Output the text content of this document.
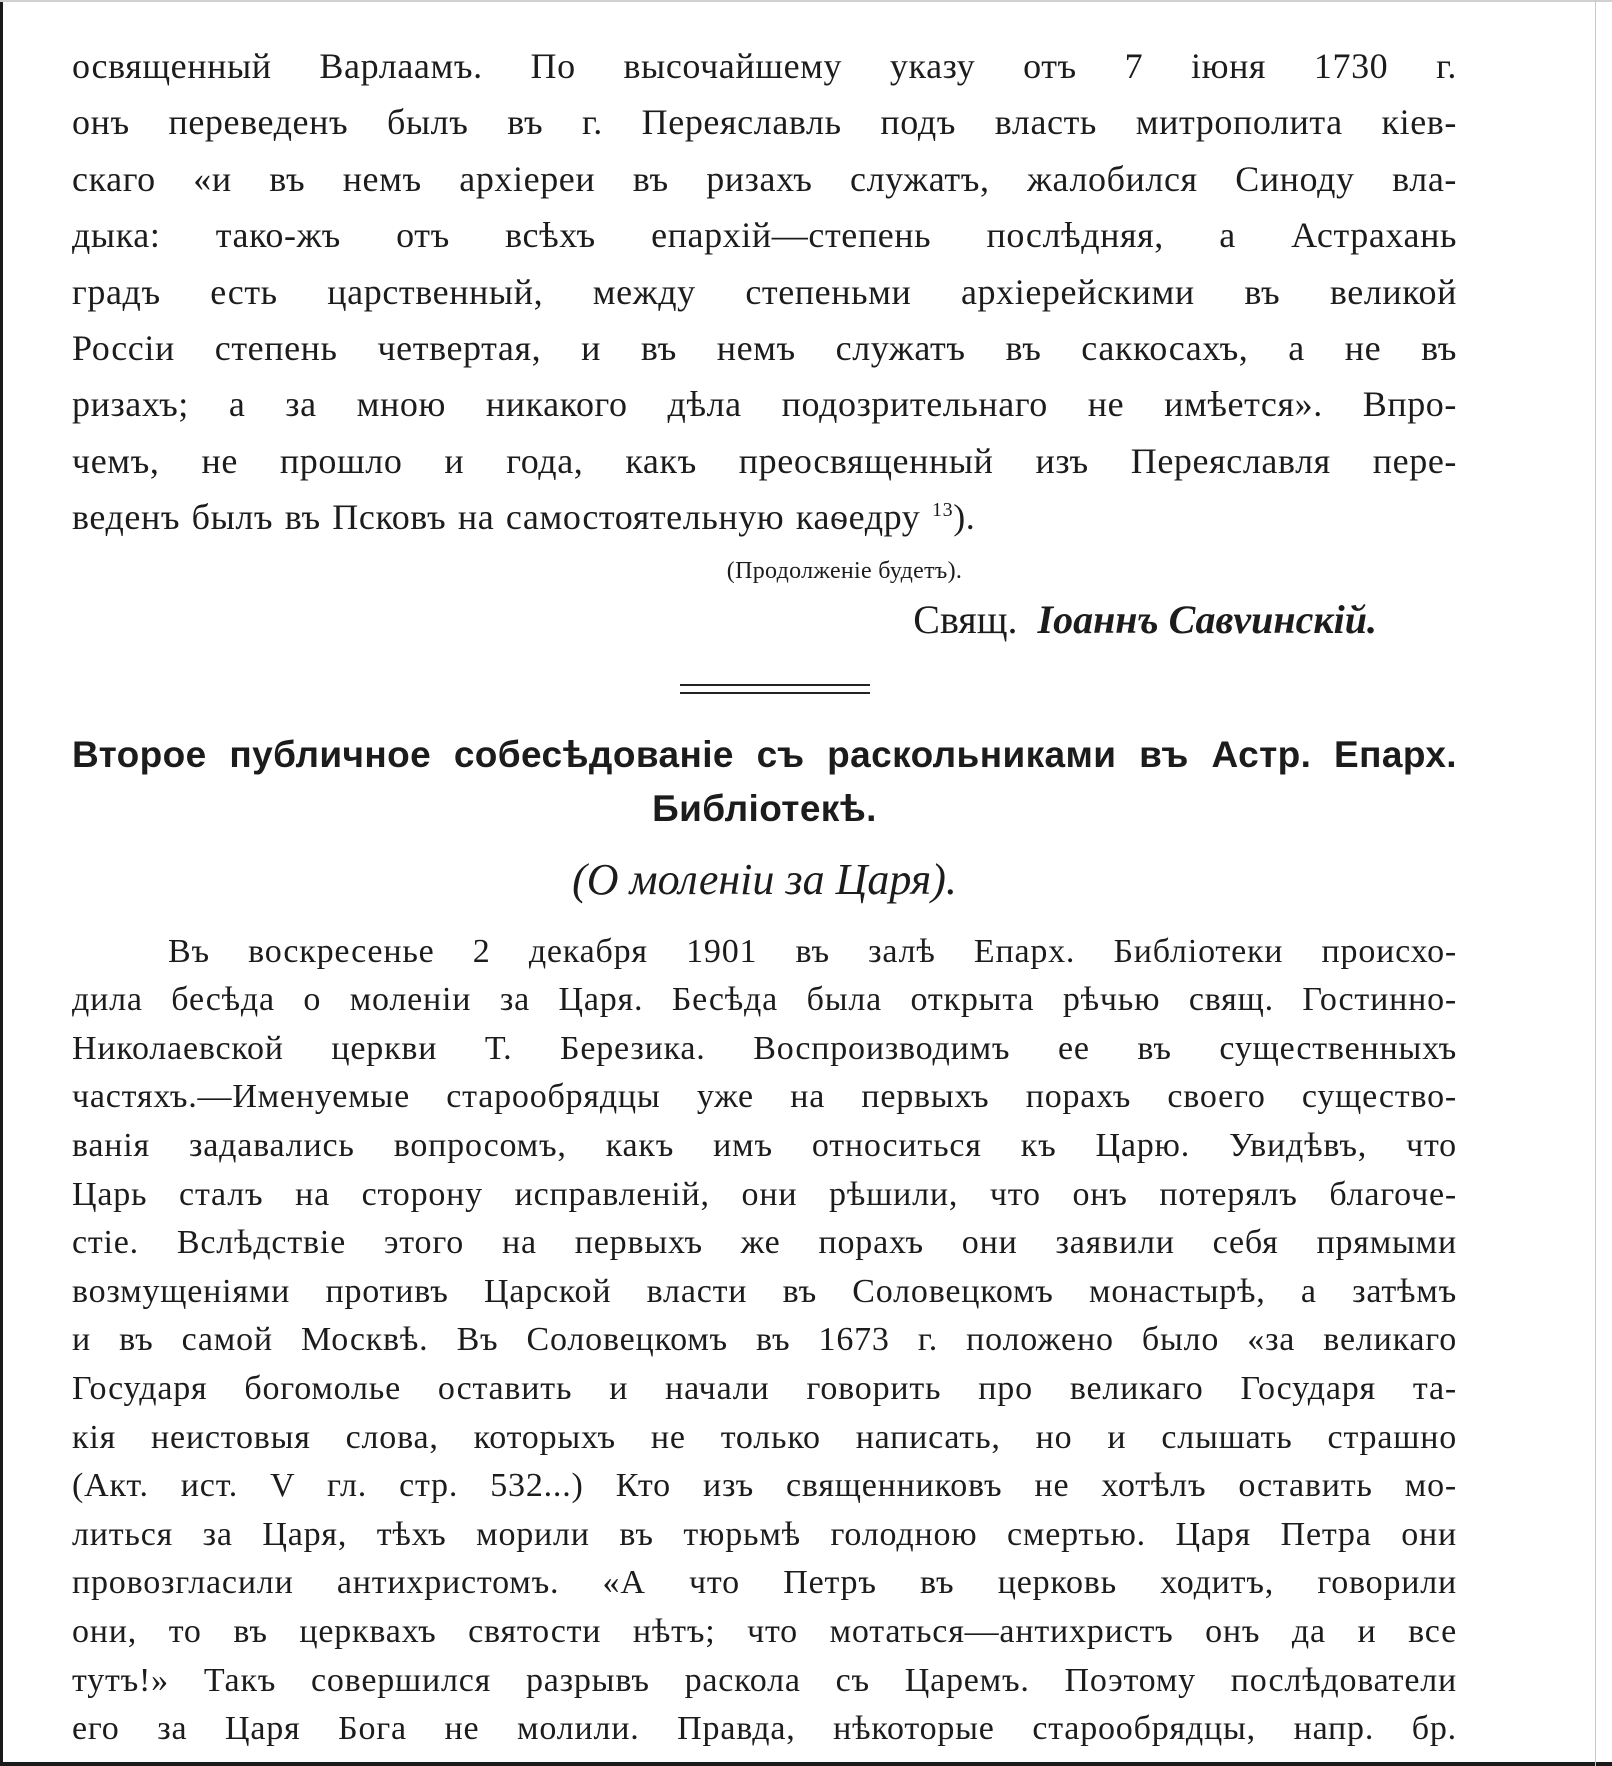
освященный Варлаамъ. По высочайшему указу отъ 7 іюня 1730 г.
онъ переведенъ былъ въ г. Переяславль подъ власть митрополита кіев-
скаго «и въ немъ архіереи въ ризахъ служатъ, жалобился Синоду вла-
дыка: тако-жъ отъ всѣхъ епархій—степень послѣдняя, а Астрахань
градъ есть царственный, между степеньми архіерейскими въ великой
Россіи степень четвертая, и въ немъ служатъ въ саккосахъ, а не въ
ризахъ; а за мною никакого дѣла подозрительнаго не имѣется». Впро-
чемъ, не прошло и года, какъ преосвященный изъ Переяславля пере-
веденъ былъ въ Псковъ на самостоятельную каѳедру $^{13}$).
(Продолженіе будетъ).
Свящ. Іоаннъ Савvинскій.
Второе публичное собесѣдованіе съ раскольниками въ Астр. Епарх.
Библіотекѣ.
(О моленіи за Царя).
Въ воскресенье 2 декабря 1901 въ залѣ Епарх. Библіотеки происхо-
дила бесѣда о моленіи за Царя. Бесѣда была открыта рѣчью свящ. Гостинно-
Николаевской церкви Т. Березика. Воспроизводимъ ее въ существенныхъ
частяхъ.—Именуемые старообрядцы уже на первыхъ порахъ своего существо-
ванія задавались вопросомъ, какъ имъ относиться къ Царю. Увидѣвъ, что
Царь сталъ на сторону исправленій, они рѣшили, что онъ потерялъ благоче-
стіе. Вслѣдствіе этого на первыхъ же порахъ они заявили себя прямыми
возмущеніями противъ Царской власти въ Соловецкомъ монастырѣ, а затѣмъ
и въ самой Москвѣ. Въ Соловецкомъ въ 1673 г. положено было «за великаго
Государя богомолье оставить и начали говорить про великаго Государя та-
кія неистовыя слова, которыхъ не только написать, но и слышать страшно
(Акт. ист. V гл. стр. 532...) Кто изъ священниковъ не хотѣлъ оставить мо-
литься за Царя, тѣхъ морили въ тюрьмѣ голодною смертью. Царя Петра они
провозгласили антихристомъ. «А что Петръ въ церковь ходитъ, говорили
они, то въ церквахъ святости нѣтъ; что мотаться—антихристъ онъ да и все
тутъ!» Такъ совершился разрывъ раскола съ Царемъ. Поэтому послѣдователи
его за Царя Бога не молили. Правда, нѣкоторые старообрядцы, напр. бр.
